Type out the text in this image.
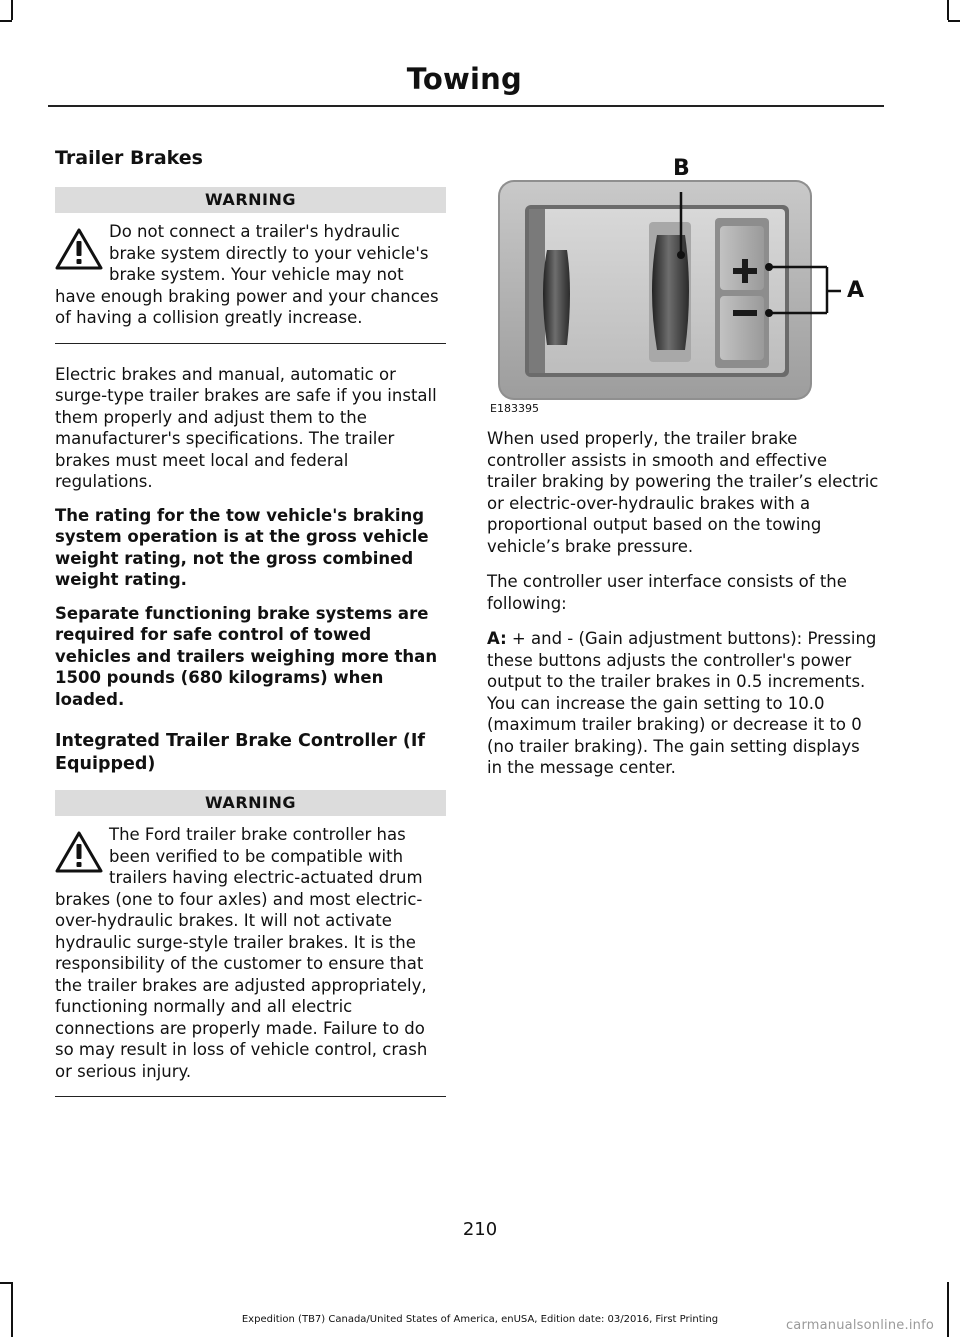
Towing
Trailer Brakes
WARNING
Do not connect a trailer's hydraulic brake system directly to your vehicle's brake system. Your vehicle may not have enough braking power and your chances of having a collision greatly increase.

Electric brakes and manual, automatic or surge-type trailer brakes are safe if you install them properly and adjust them to the manufacturer's specifications. The trailer brakes must meet local and federal regulations.

The rating for the tow vehicle's braking system operation is at the gross vehicle weight rating, not the gross combined weight rating.

Separate functioning brake systems are required for safe control of towed vehicles and trailers weighing more than 1500 pounds (680 kilograms) when loaded.

Integrated Trailer Brake Controller (If Equipped)
WARNING
The Ford trailer brake controller has been verified to be compatible with trailers having electric-actuated drum brakes (one to four axles) and most electric-over-hydraulic brakes. It will not activate hydraulic surge-style trailer brakes. It is the responsibility of the customer to ensure that the trailer brakes are adjusted appropriately, functioning normally and all electric connections are properly made. Failure to do so may result in loss of vehicle control, crash or serious injury.
B
A
E183395

When used properly, the trailer brake controller assists in smooth and effective trailer braking by powering the trailer’s electric or electric-over-hydraulic brakes with a proportional output based on the towing vehicle’s brake pressure.

The controller user interface consists of the following:

A: + and - (Gain adjustment buttons): Pressing these buttons adjusts the controller's power output to the trailer brakes in 0.5 increments. You can increase the gain setting to 10.0 (maximum trailer braking) or decrease it to 0 (no trailer braking). The gain setting displays in the message center.

210
Expedition (TB7) Canada/United States of America, enUSA, Edition date: 03/2016, First Printing	carmanualsonline.info
